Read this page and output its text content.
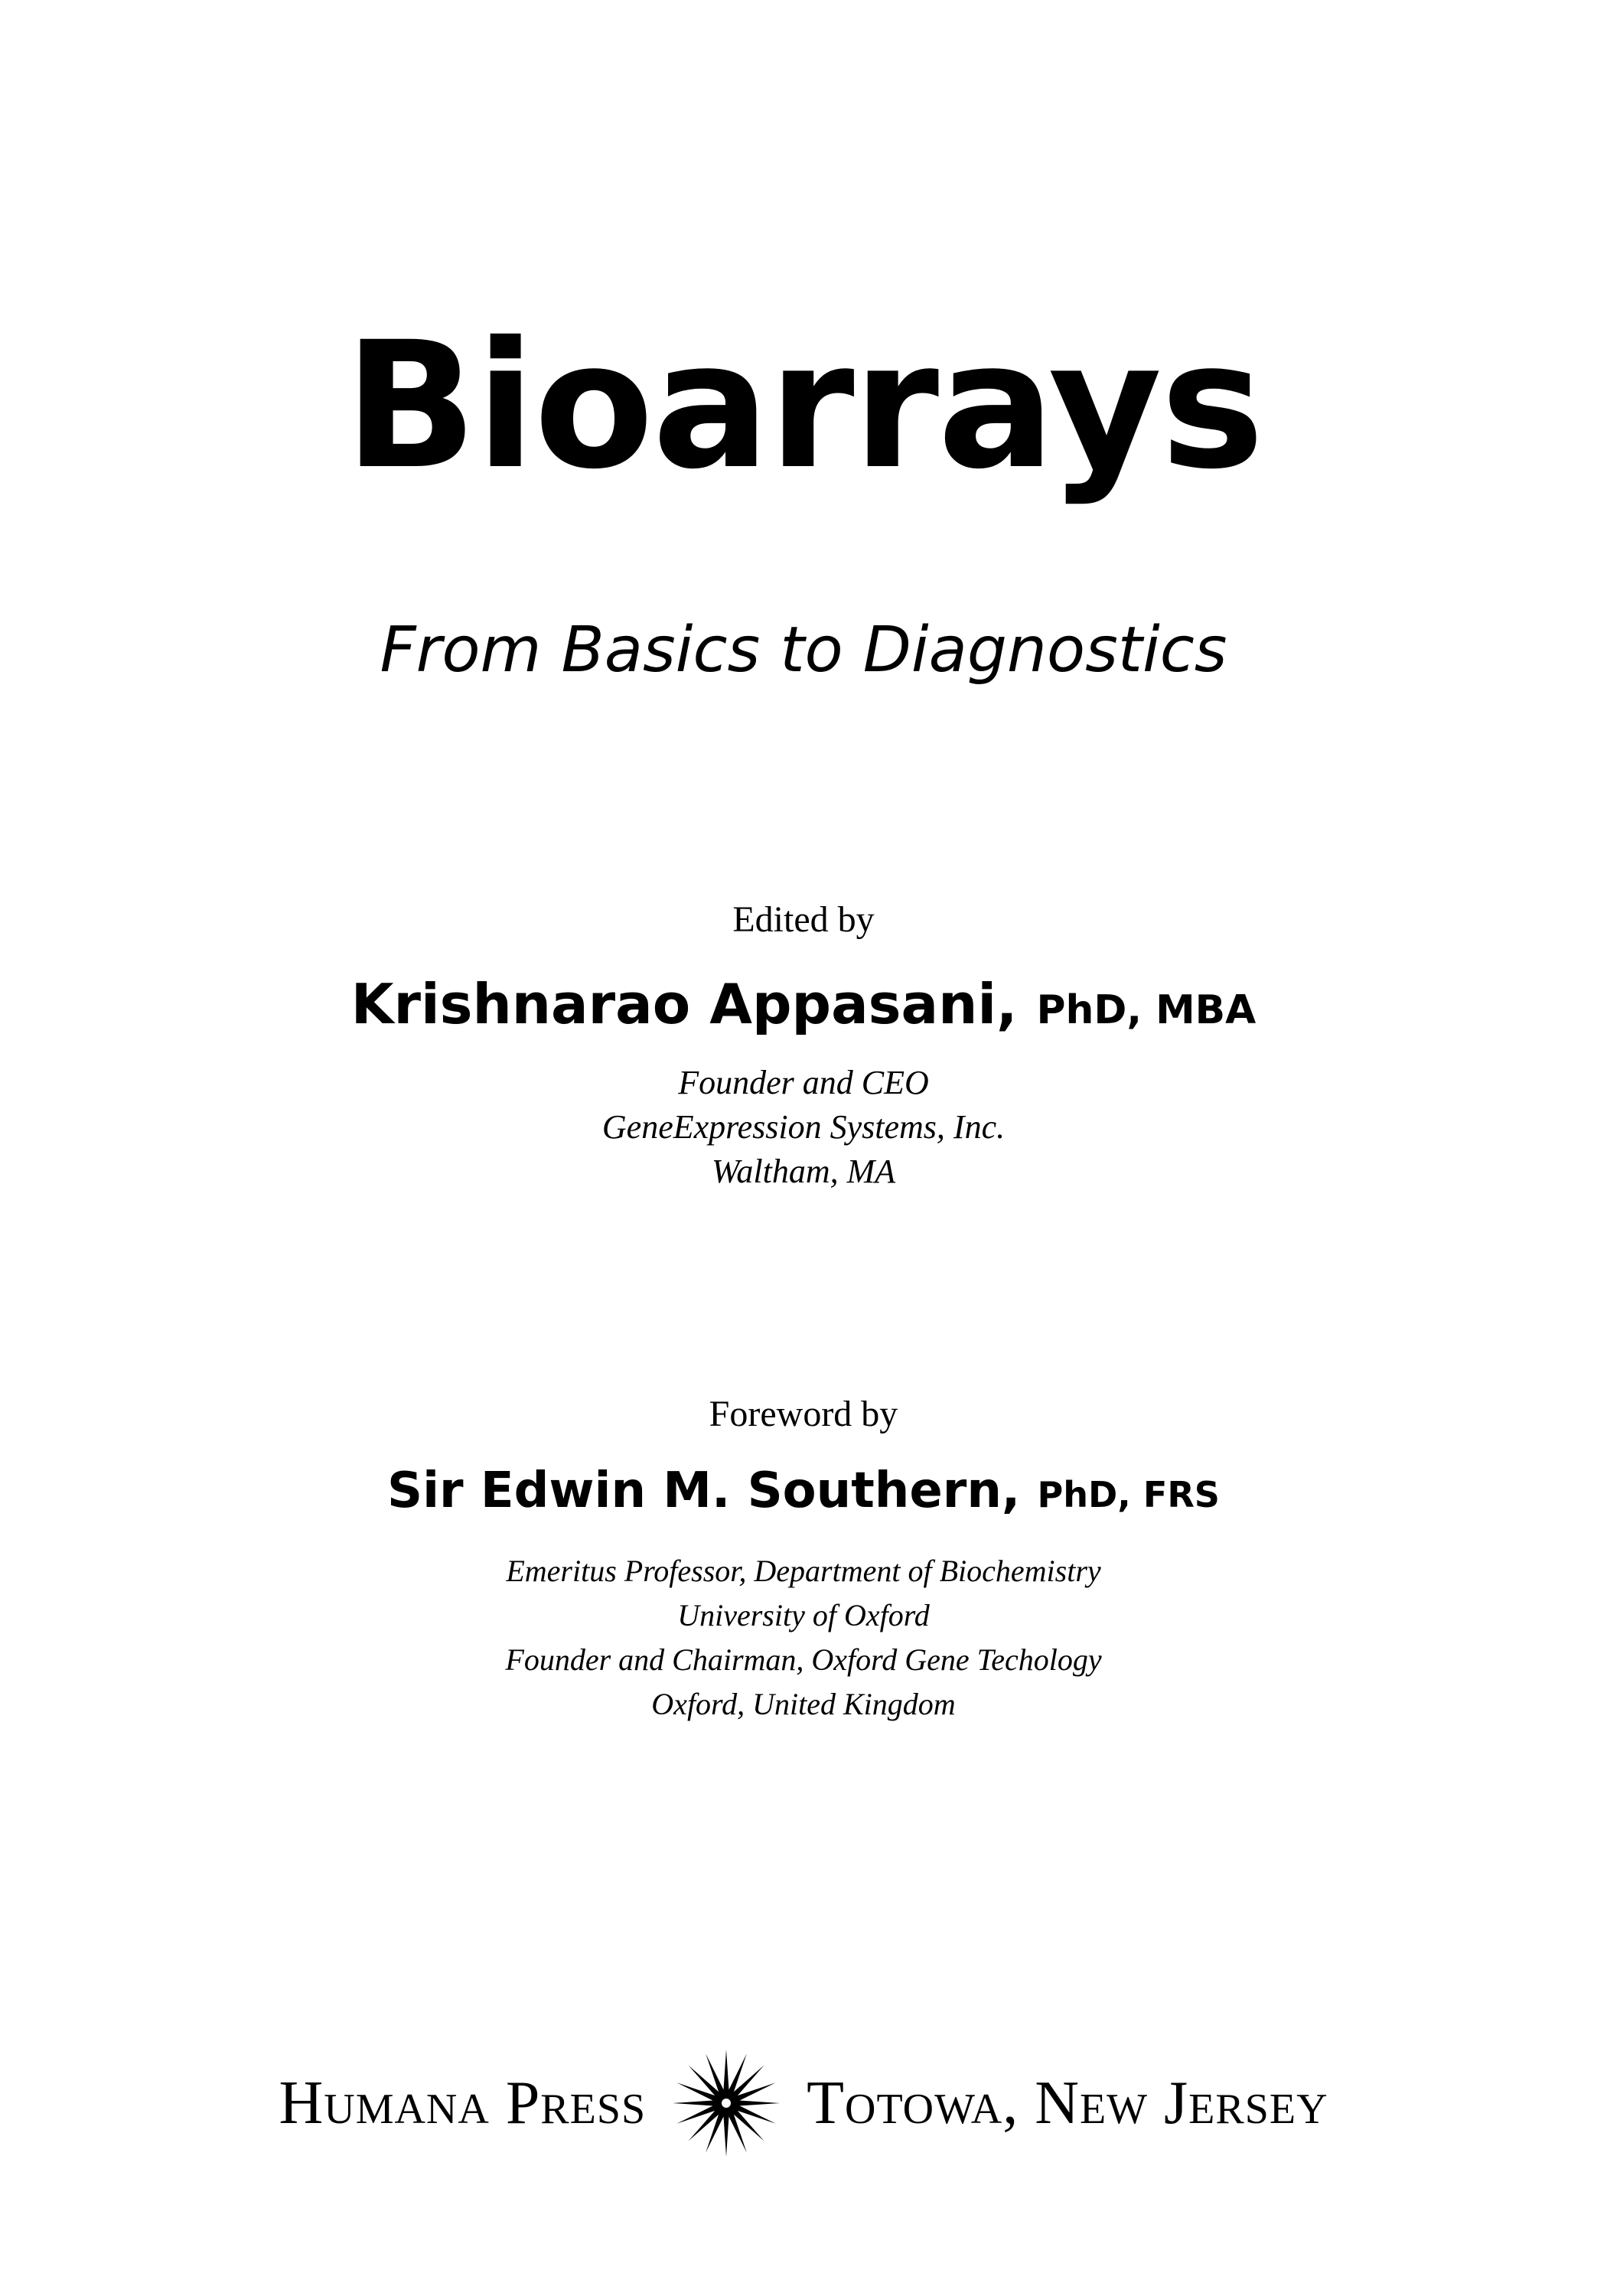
Bioarrays
From Basics to Diagnostics
Edited by
Krishnarao Appasani, PhD, MBA
Founder and CEO
GeneExpression Systems, Inc.
Waltham, MA
Foreword by
Sir Edwin M. Southern, PhD, FRS
Emeritus Professor, Department of Biochemistry
University of Oxford
Founder and Chairman, Oxford Gene Techology
Oxford, United Kingdom
Humana Press	Totowa, New Jersey
